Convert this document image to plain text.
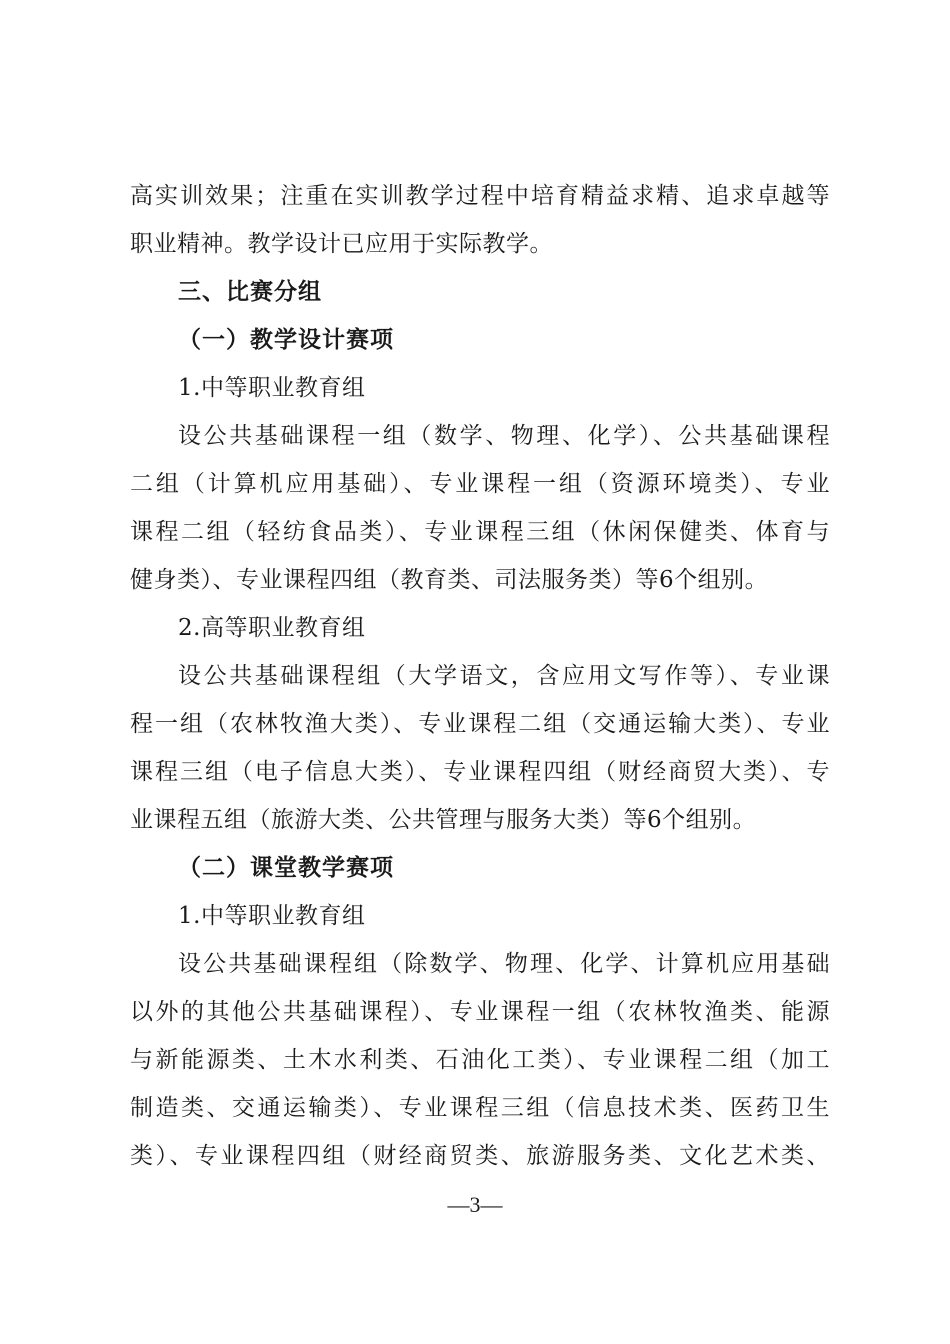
高实训效果；注重在实训教学过程中培育精益求精、追求卓越等
职业精神。教学设计已应用于实际教学。
三、比赛分组
（一）教学设计赛项
1.中等职业教育组
设公共基础课程一组（数学、物理、化学）、公共基础课程
二组（计算机应用基础）、专业课程一组（资源环境类）、专业
课程二组（轻纺食品类）、专业课程三组（休闲保健类、体育与
健身类）、专业课程四组（教育类、司法服务类）等6个组别。
2.高等职业教育组
设公共基础课程组（大学语文，含应用文写作等）、专业课
程一组（农林牧渔大类）、专业课程二组（交通运输大类）、专业
课程三组（电子信息大类）、专业课程四组（财经商贸大类）、专
业课程五组（旅游大类、公共管理与服务大类）等6个组别。
（二）课堂教学赛项
1.中等职业教育组
设公共基础课程组（除数学、物理、化学、计算机应用基础
以外的其他公共基础课程）、专业课程一组（农林牧渔类、能源
与新能源类、土木水利类、石油化工类）、专业课程二组（加工
制造类、交通运输类）、专业课程三组（信息技术类、医药卫生
类）、专业课程四组（财经商贸类、旅游服务类、文化艺术类、
—3—
